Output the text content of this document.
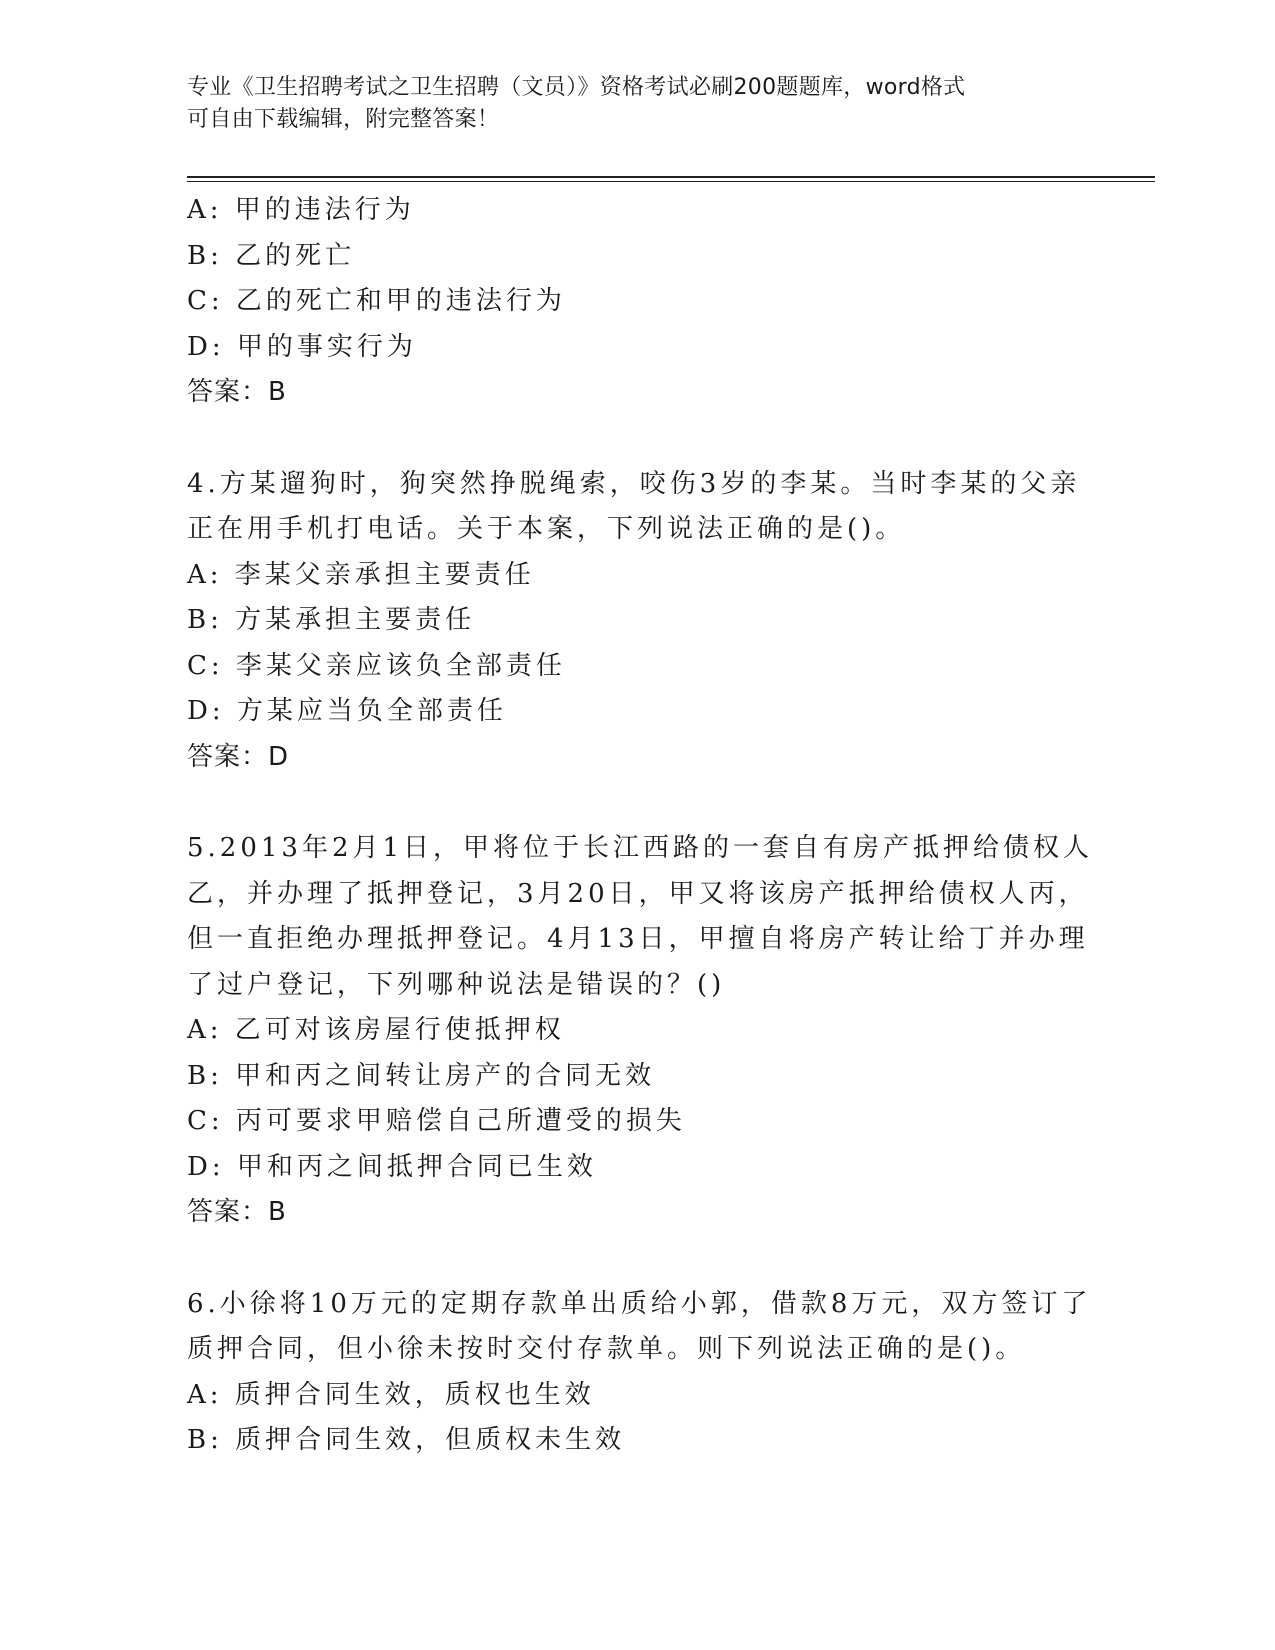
专业《卫生招聘考试之卫生招聘（文员）》资格考试必刷200题题库，word格式
可自由下载编辑，附完整答案！
A: 甲的违法行为
B: 乙的死亡
C: 乙的死亡和甲的违法行为
D: 甲的事实行为
答案：B
4.方某遛狗时，狗突然挣脱绳索，咬伤3岁的李某。当时李某的父亲
正在用手机打电话。关于本案，下列说法正确的是()。
A: 李某父亲承担主要责任
B: 方某承担主要责任
C: 李某父亲应该负全部责任
D: 方某应当负全部责任
答案：D
5.2013年2月1日，甲将位于长江西路的一套自有房产抵押给债权人
乙，并办理了抵押登记，3月20日，甲又将该房产抵押给债权人丙，
但一直拒绝办理抵押登记。4月13日，甲擅自将房产转让给丁并办理
了过户登记，下列哪种说法是错误的？()
A: 乙可对该房屋行使抵押权
B: 甲和丙之间转让房产的合同无效
C: 丙可要求甲赔偿自己所遭受的损失
D: 甲和丙之间抵押合同已生效
答案：B
6.小徐将10万元的定期存款单出质给小郭，借款8万元，双方签订了
质押合同，但小徐未按时交付存款单。则下列说法正确的是()。
A: 质押合同生效，质权也生效
B: 质押合同生效，但质权未生效
